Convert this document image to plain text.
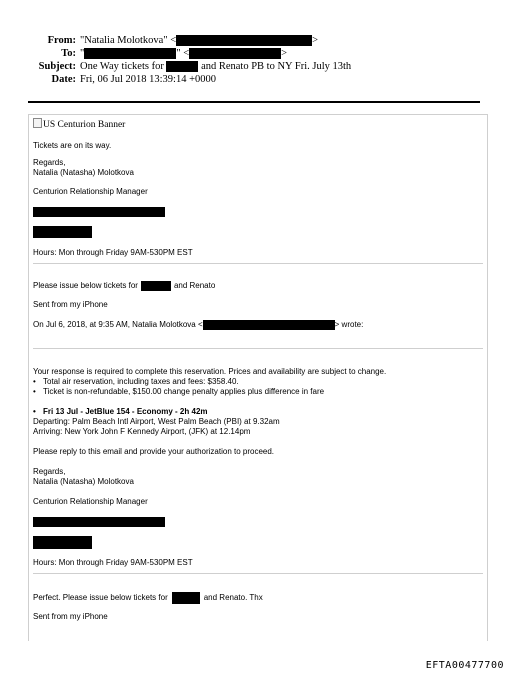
From: "Natalia Molotkova" <	>
To: "	" <	>
Subject: One Way tickets for	and Renato PB to NY Fri. July 13th
Date: Fri, 06 Jul 2018 13:39:14 +0000
US Centurion Banner
Tickets are on its way.
Regards,
Natalia (Natasha) Molotkova
Centurion Relationship Manager
Hours: Mon through Friday 9AM-530PM EST
Please issue below tickets for	and Renato
Sent from my iPhone
On Jul 6, 2018, at 9:35 AM, Natalia Molotkova <	> wrote:
Your response is required to complete this reservation. Prices and availability are subject to change.
• Total air reservation, including taxes and fees: $358.40.
• Ticket is non-refundable, $150.00 change penalty applies plus difference in fare
• Fri 13 Jul - JetBlue 154 - Economy - 2h 42m
Departing: Palm Beach Intl Airport, West Palm Beach (PBI) at 9.32am
Arriving: New York John F Kennedy Airport, (JFK) at 12.14pm
Please reply to this email and provide your authorization to proceed.
Regards,
Natalia (Natasha) Molotkova
Centurion Relationship Manager
Hours: Mon through Friday 9AM-530PM EST
Perfect. Please issue below tickets for	and Renato. Thx
Sent from my iPhone
EFTA00477700
